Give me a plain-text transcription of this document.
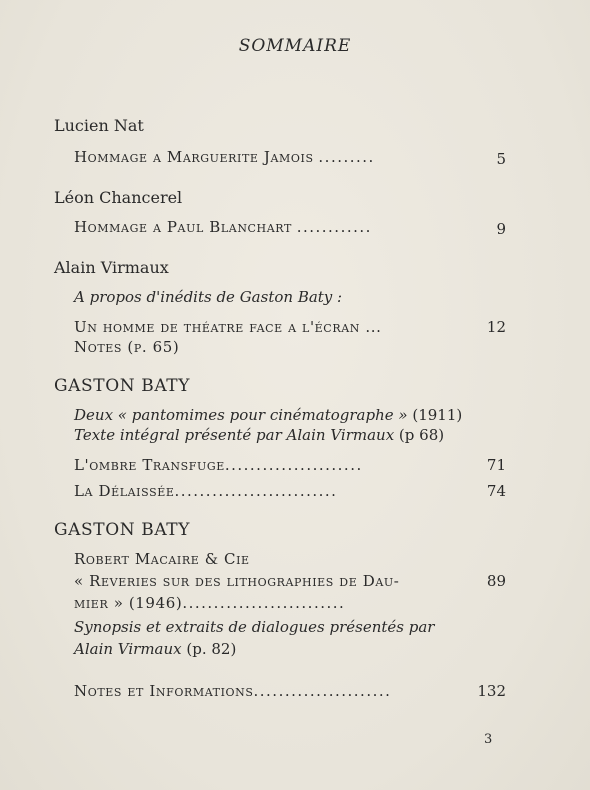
SOMMAIRE
Lucien Nat
Hommage a Marguerite Jamois .........	5
Léon Chancerel
Hommage a Paul Blanchart ............	9
Alain Virmaux
A propos d'inédits de Gaston Baty :
Un homme de théatre face a l'écran ...	12
Notes (p. 65)
GASTON BATY
Deux « pantomimes pour cinématographe » (1911)
Texte intégral présenté par Alain Virmaux (p 68)
L'ombre Transfuge......................	71
La Délaissée..........................	74
GASTON BATY
Robert Macaire & Cie
« Reveries sur des lithographies de Dau-	89
mier » (1946)..........................
Synopsis et extraits de dialogues présentés par
Alain Virmaux (p. 82)
Notes et Informations......................	132
3
